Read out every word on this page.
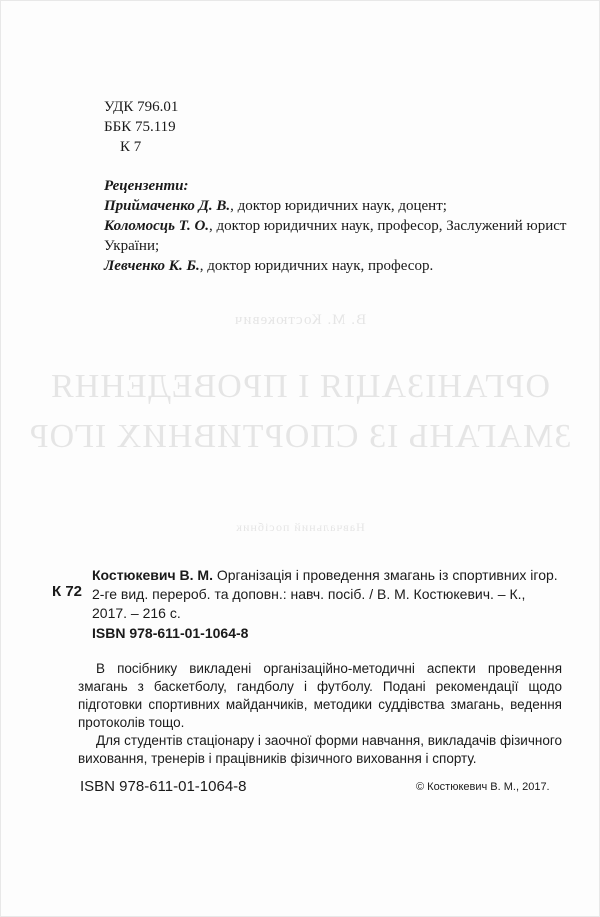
В. М. Костюкевич
ОРГАНІЗАЦІЯ І ПРОВЕДЕННЯ
ЗМАГАНЬ ІЗ СПОРТИВНИХ ІГОР
Навчальний посібник
УДК 796.01
ББК 75.119
К 7

Рецензенти:

Приймаченко Д. В., доктор юридичних наук, доцент;

Коломосць Т. О., доктор юридичних наук, професор, Заслужений юрист України;

Левченко К. Б., доктор юридичних наук, професор.

К 72
Костюкевич В. М. Організація і проведення змагань із спортивних ігор. 2-ге вид. перероб. та доповн.: навч. посіб. / В. М. Костюкевич. – К., 2017. – 216 с.
ISBN 978-611-01-1064-8

В посібнику викладені організаційно-методичні аспекти проведення змагань з баскетболу, гандболу і футболу. Подані рекомендації щодо підготовки спортивних майданчиків, методики суддівства змагань, ведення протоколів тощо.

Для студентів стаціонару і заочної форми навчання, викладачів фізичного виховання, тренерів і працівників фізичного виховання і спорту.

ISBN 978-611-01-1064-8	© Костюкевич В. М., 2017.
